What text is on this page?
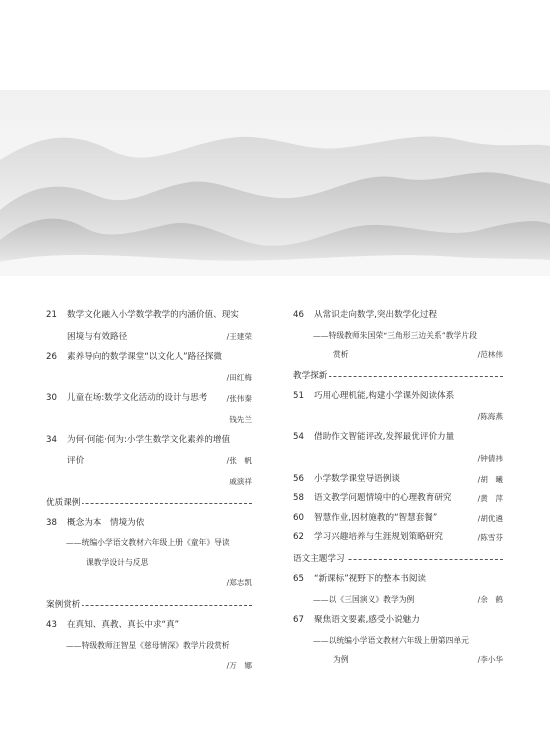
21	数学文化融入小学数学教学的内涵价值、现实
困境与有效路径	/王建荣
26	素养导向的数学课堂“以文化人”路径探微
/田红梅
30	儿童在场:数学文化活动的设计与思考	/张伟秦
钱先兰
34	为何·何能·何为:小学生数学文化素养的增值
评价	/张　帆
戚演祥
优质课例
38	概念为本　情境为依
——统编小学语文教材六年级上册《童年》导读
课教学设计与反思
/郑志凯
案例赏析
43	在真知、真教、真长中求“真”
——特级教师汪智星《慈母情深》教学片段赏析
/万　娜
46	从常识走向数学,突出数学化过程
——特级教师朱国荣“三角形三边关系”教学片段
赏析	/范林伟
教学探新
51	巧用心理机能,构建小学课外阅读体系
/陈海燕
54	借助作文智能评改,发挥最优评价力量
/钟倩祎
56	小学数学课堂导语例谈	/胡　曦
58	语文教学问题情境中的心理教育研究	/黄　萍
60	智慧作业,因材施教的“智慧套餐”	/胡优遴
62	学习兴趣培养与生涯规划策略研究	/陈雪芬
语文主题学习
65	“新课标”视野下的整本书阅读
——以《三国演义》教学为例	/余　鹤
67	聚焦语文要素,感受小说魅力
——以统编小学语文教材六年级上册第四单元
为例	/李小华
